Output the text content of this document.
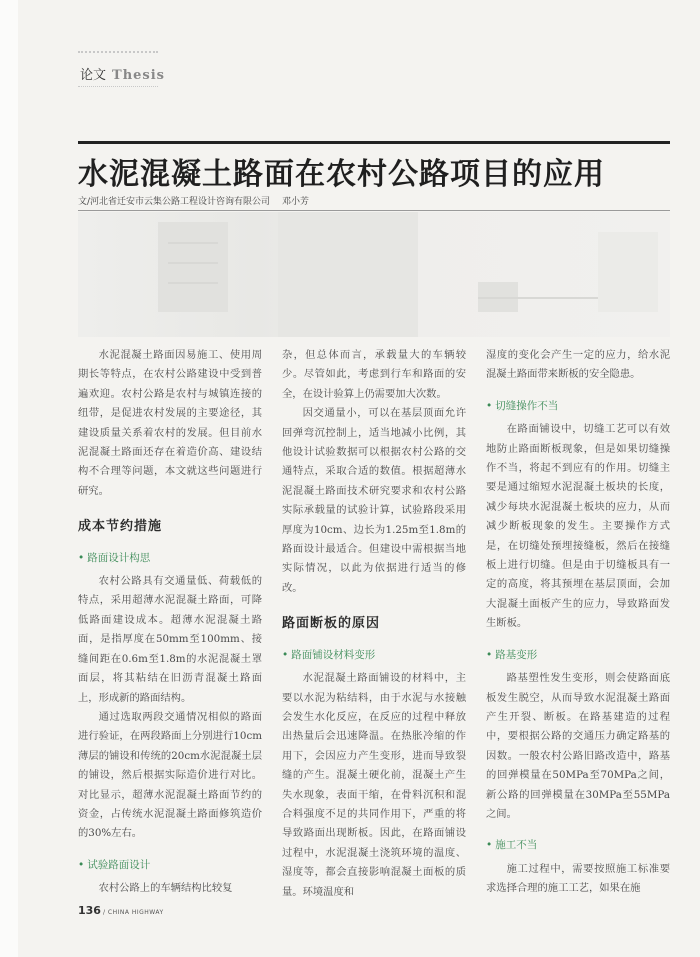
论文 Thesis
水泥混凝土路面在农村公路项目的应用
文/河北省迁安市云集公路工程设计咨询有限公司 邓小芳

水泥混凝土路面因易施工、使用周期长等特点，在农村公路建设中受到普遍欢迎。农村公路是农村与城镇连接的纽带，是促进农村发展的主要途径，其建设质量关系着农村的发展。但目前水泥混凝土路面还存在着造价高、建设结构不合理等问题，本文就这些问题进行研究。

成本节约措施
• 路面设计构思

农村公路具有交通量低、荷载低的特点，采用超薄水泥混凝土路面，可降低路面建设成本。超薄水泥混凝土路面，是指厚度在50mm至100mm、接缝间距在0.6m至1.8m的水泥混凝土罩面层，将其粘结在旧沥青混凝土路面上，形成新的路面结构。

通过选取两段交通情况相似的路面进行验证，在两段路面上分别进行10cm薄层的铺设和传统的20cm水泥混凝土层的铺设，然后根据实际造价进行对比。对比显示，超薄水泥混凝土路面节约的资金，占传统水泥混凝土路面修筑造价的30%左右。

• 试验路面设计

农村公路上的车辆结构比较复

杂，但总体而言，承载量大的车辆较少。尽管如此，考虑到行车和路面的安全，在设计验算上仍需要加大次数。

因交通量小，可以在基层顶面允许回弹弯沉控制上，适当地减小比例，其他设计试验数据可以根据农村公路的交通特点，采取合适的数值。根据超薄水泥混凝土路面技术研究要求和农村公路实际承载量的试验计算，试验路段采用厚度为10cm、边长为1.25m至1.8m的路面设计最适合。但建设中需根据当地实际情况，以此为依据进行适当的修改。

路面断板的原因
• 路面铺设材料变形

水泥混凝土路面铺设的材料中，主要以水泥为粘结料，由于水泥与水接触会发生水化反应，在反应的过程中释放出热量后会迅速降温。在热胀冷缩的作用下，会因应力产生变形，进而导致裂缝的产生。混凝土硬化前，混凝土产生失水现象，表面干缩，在骨料沉积和混合料强度不足的共同作用下，严重的将导致路面出现断板。因此，在路面铺设过程中，水泥混凝土浇筑环境的温度、湿度等，都会直接影响混凝土面板的质量。环境温度和

湿度的变化会产生一定的应力，给水泥混凝土路面带来断板的安全隐患。

• 切缝操作不当

在路面铺设中，切缝工艺可以有效地防止路面断板现象，但是如果切缝操作不当，将起不到应有的作用。切缝主要是通过缩短水泥混凝土板块的长度，减少每块水泥混凝土板块的应力，从而减少断板现象的发生。主要操作方式是，在切缝处预埋接缝板，然后在接缝板上进行切缝。但是由于切缝板具有一定的高度，将其预埋在基层顶面，会加大混凝土面板产生的应力，导致路面发生断板。

• 路基变形

路基塑性发生变形，则会使路面底板发生脱空，从而导致水泥混凝土路面产生开裂、断板。在路基建造的过程中，要根据公路的交通压力确定路基的因数。一般农村公路旧路改造中，路基的回弹模量在50MPa至70MPa之间，新公路的回弹模量在30MPa至55MPa之间。

• 施工不当

施工过程中，需要按照施工标准要求选择合理的施工工艺，如果在施

136 / CHINA HIGHWAY
